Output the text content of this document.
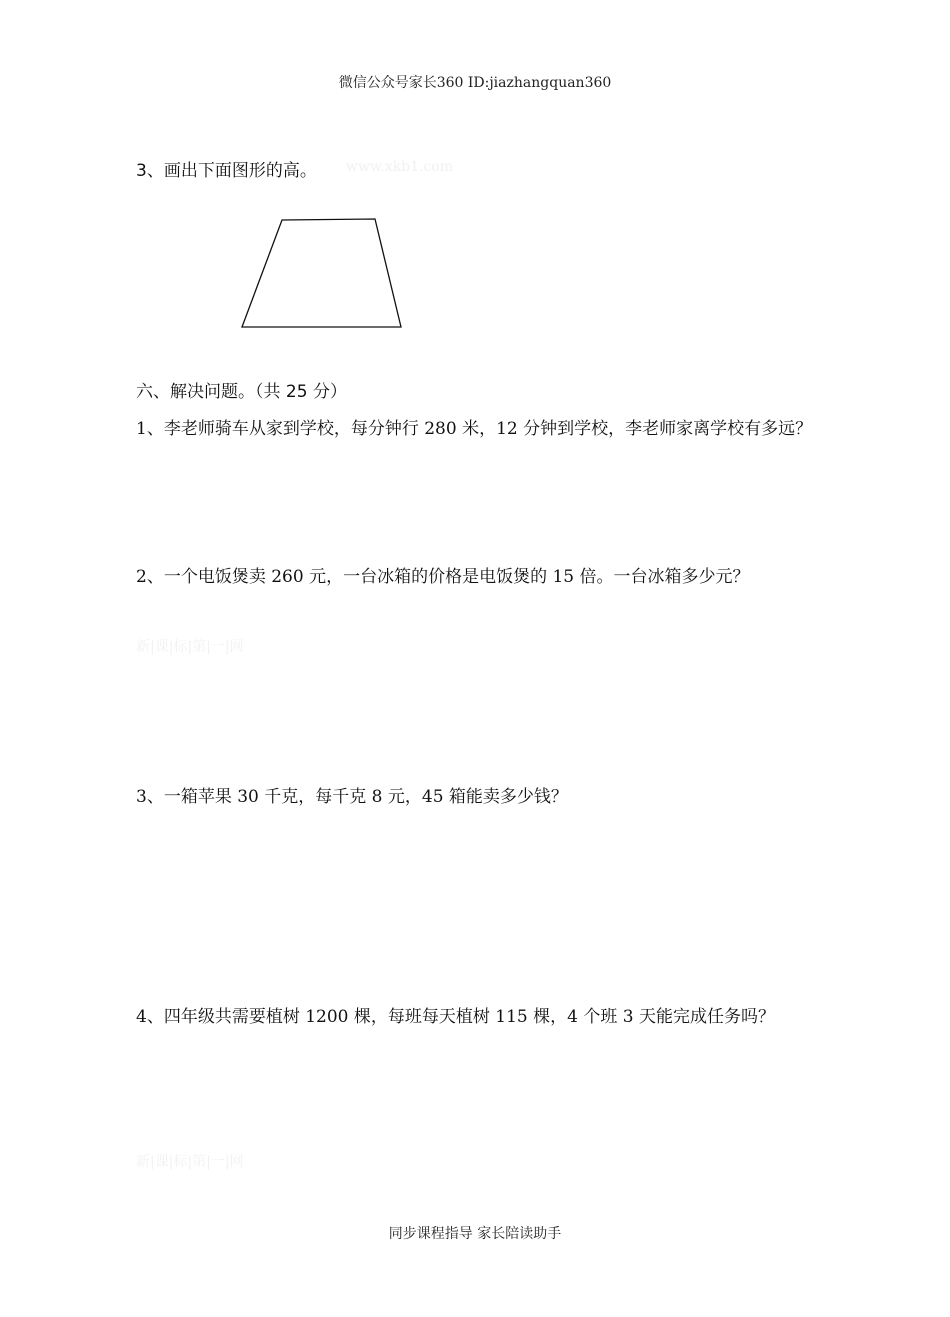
微信公众号家长360 ID:jiazhangquan360
3、画出下面图形的高。 www.xkb1.com
六、解决问题。（共 25 分）
1、李老师骑车从家到学校，每分钟行 280 米，12 分钟到学校，李老师家离学校有多远？
2、一个电饭煲卖 260 元，一台冰箱的价格是电饭煲的 15 倍。一台冰箱多少元？
新|课|标|第|一|网
3、一箱苹果 30 千克，每千克 8 元，45 箱能卖多少钱？
4、四年级共需要植树 1200 棵，每班每天植树 115 棵，4 个班 3 天能完成任务吗？
新|课|标|第|一|网
同步课程指导 家长陪读助手
